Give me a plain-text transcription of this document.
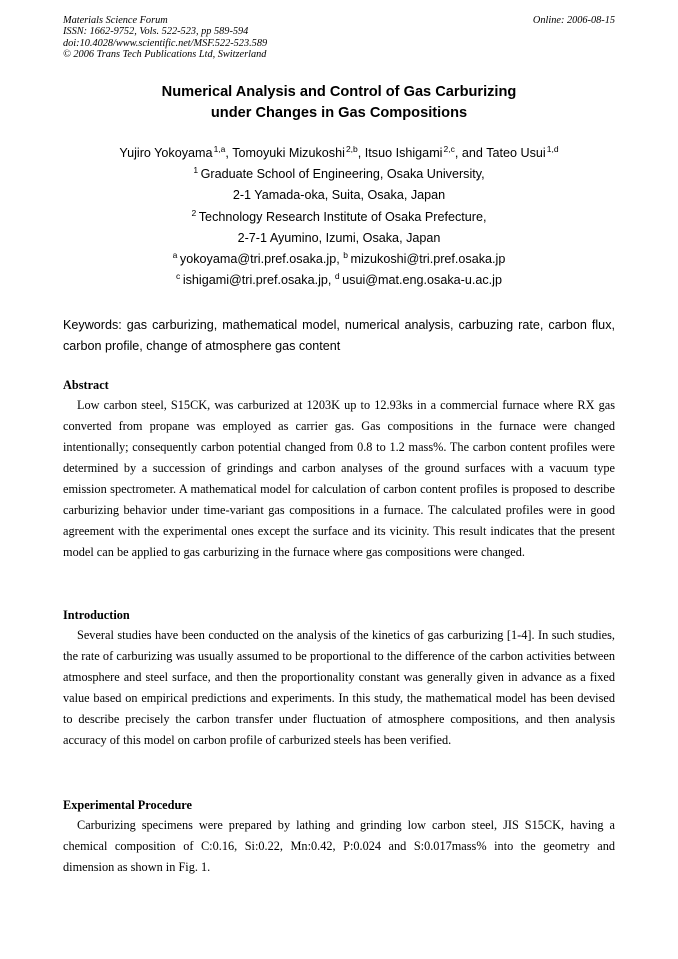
Materials Science Forum
ISSN: 1662-9752, Vols. 522-523, pp 589-594
doi:10.4028/www.scientific.net/MSF.522-523.589
© 2006 Trans Tech Publications Ltd, Switzerland
Online: 2006-08-15
Numerical Analysis and Control of Gas Carburizing
under Changes in Gas Compositions
Yujiro Yokoyama $^{1,a}$, Tomoyuki Mizukoshi $^{2,b}$, Itsuo Ishigami $^{2,c}$, and Tateo Usui $^{1,d}$
$^1$  Graduate School of Engineering, Osaka University,
2-1 Yamada-oka, Suita, Osaka, Japan
$^2$  Technology Research Institute of Osaka Prefecture,
2-7-1 Ayumino, Izumi, Osaka, Japan
$^a$  yokoyama@tri.pref.osaka.jp, $^b$  mizukoshi@tri.pref.osaka.jp
$^c$  ishigami@tri.pref.osaka.jp, $^d$  usui@mat.eng.osaka-u.ac.jp
Keywords: gas carburizing, mathematical model, numerical analysis, carbuzing rate, carbon flux, carbon profile, change of atmosphere gas content
Abstract

Low carbon steel, S15CK, was carburized at 1203K up to 12.93ks in a commercial furnace where RX gas converted from propane was employed as carrier gas. Gas compositions in the furnace were changed intentionally; consequently carbon potential changed from 0.8 to 1.2 mass%. The carbon content profiles were determined by a succession of grindings and carbon analyses of the ground surfaces with a vacuum type emission spectrometer. A mathematical model for calculation of carbon content profiles is proposed to describe carburizing behavior under time-variant gas compositions in a furnace. The calculated profiles were in good agreement with the experimental ones except the surface and its vicinity. This result indicates that the present model can be applied to gas carburizing in the furnace where gas compositions were changed.

Introduction

Several studies have been conducted on the analysis of the kinetics of gas carburizing [1-4]. In such studies, the rate of carburizing was usually assumed to be proportional to the difference of the carbon activities between atmosphere and steel surface, and then the proportionality constant was generally given in advance as a fixed value based on empirical predictions and experiments. In this study, the mathematical model has been devised to describe precisely the carbon transfer under fluctuation of atmosphere compositions, and then analysis accuracy of this model on carbon profile of carburized steels has been verified.

Experimental Procedure

Carburizing specimens were prepared by lathing and grinding low carbon steel, JIS S15CK, having a chemical composition of C:0.16, Si:0.22, Mn:0.42, P:0.024 and S:0.017mass% into the geometry and dimension as shown in Fig. 1.
